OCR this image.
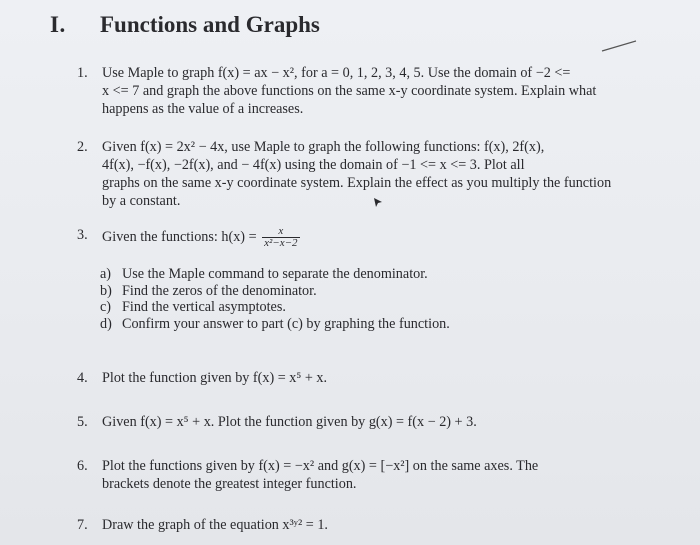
I. Functions and Graphs
1. Use Maple to graph f(x) = ax − x², for a = 0, 1, 2, 3, 4, 5. Use the domain of −2 <=
x <= 7 and graph the above functions on the same x-y coordinate system. Explain what
happens as the value of a increases.
2. Given f(x) = 2x² − 4x, use Maple to graph the following functions: f(x), 2f(x),
4f(x), −f(x), −2f(x), and − 4f(x) using the domain of −1 <= x <= 3. Plot all
graphs on the same x-y coordinate system. Explain the effect as you multiply the function
by a constant.
3. Given the functions: $h(x) = \frac{x}{\text{x²−x−2}}$
a) Use the Maple command to separate the denominator.
b) Find the zeros of the denominator.
c) Find the vertical asymptotes.
d) Confirm your answer to part (c) by graphing the function.
4. Plot the function given by f(x) = x⁵ + x.
5. Given f(x) = x⁵ + x. Plot the function given by g(x) = f(x − 2) + 3.
6. Plot the functions given by f(x) = −x² and g(x) = [−x²] on the same axes. The
brackets denote the greatest integer function.
7. Draw the graph of the equation x³ʸ² = 1.
